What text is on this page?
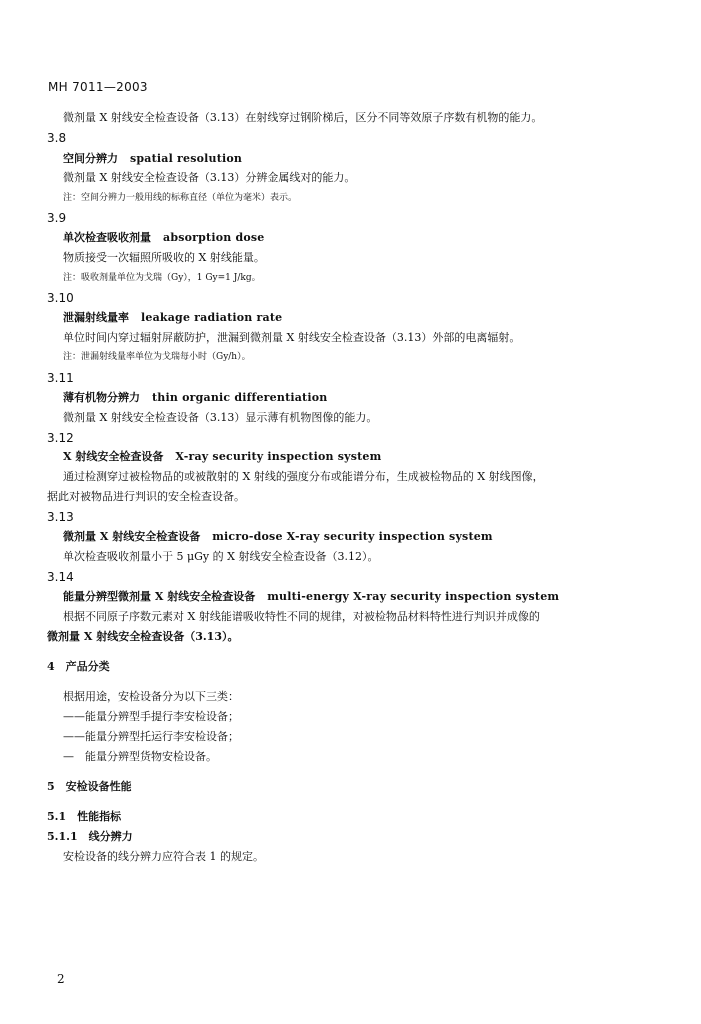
MH 7011—2003
微剂量 X 射线安全检查设备（3.13）在射线穿过钢阶梯后，区分不同等效原子序数有机物的能力。
3.8
空间分辨力 spatial resolution
微剂量 X 射线安全检查设备（3.13）分辨金属线对的能力。
注：空间分辨力一般用线的标称直径（单位为毫米）表示。
3.9
单次检查吸收剂量 absorption dose
物质接受一次辐照所吸收的 X 射线能量。
注：吸收剂量单位为戈瑞（Gy），1 Gy=1 J/kg。
3.10
泄漏射线量率 leakage radiation rate
单位时间内穿过辐射屏蔽防护，泄漏到微剂量 X 射线安全检查设备（3.13）外部的电离辐射。
注：泄漏射线量率单位为戈瑞每小时（Gy/h）。
3.11
薄有机物分辨力 thin organic differentiation
微剂量 X 射线安全检查设备（3.13）显示薄有机物图像的能力。
3.12
X 射线安全检查设备 X-ray security inspection system
通过检测穿过被检物品的或被散射的 X 射线的强度分布或能谱分布，生成被检物品的 X 射线图像，
据此对被物品进行判识的安全检查设备。
3.13
微剂量 X 射线安全检查设备 micro-dose X-ray security inspection system
单次检查吸收剂量小于 5 μGy 的 X 射线安全检查设备（3.12）。
3.14
能量分辨型微剂量 X 射线安全检查设备 multi-energy X-ray security inspection system
根据不同原子序数元素对 X 射线能谱吸收特性不同的规律，对被检物品材料特性进行判识并成像的
微剂量 X 射线安全检查设备（3.13）。
4　产品分类
根据用途，安检设备分为以下三类：
——能量分辨型手提行李安检设备；
——能量分辨型托运行李安检设备；
—　能量分辨型货物安检设备。
5　安检设备性能
5.1　性能指标
5.1.1　线分辨力
安检设备的线分辨力应符合表 1 的规定。
2
